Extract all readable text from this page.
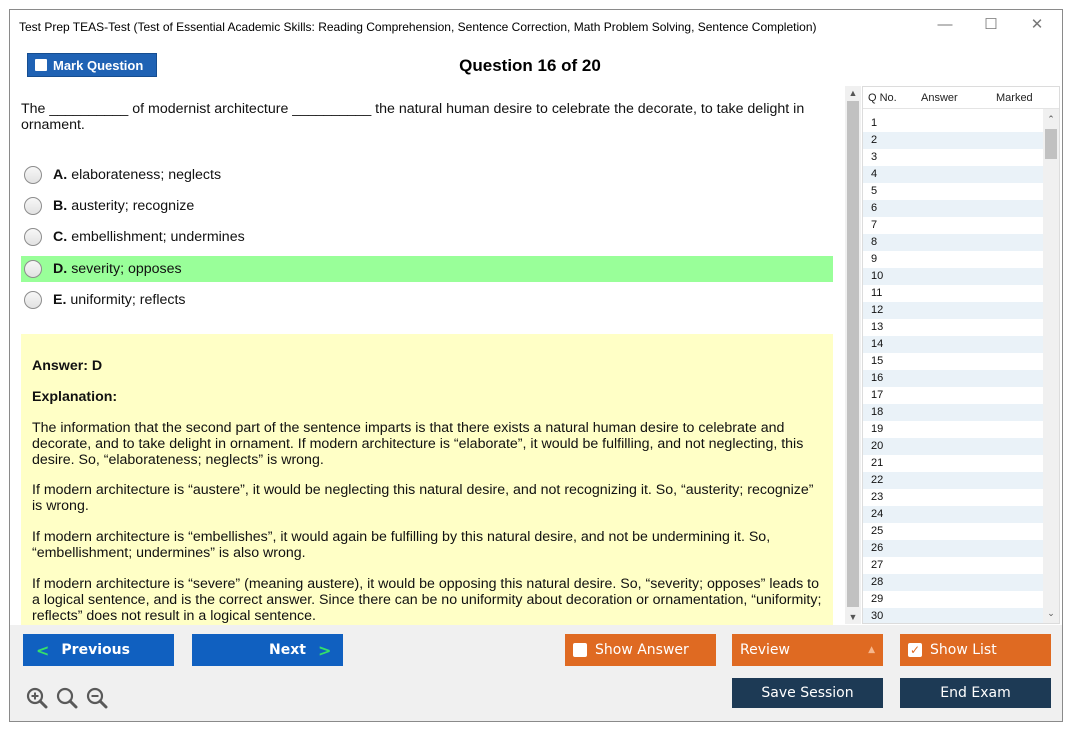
Test Prep TEAS-Test (Test of Essential Academic Skills: Reading Comprehension, Sentence Correction, Math Problem Solving, Sentence Completion)	—	☐	✕
Mark Question	Question 16 of 20
The __________ of modernist architecture __________ the natural human desire to celebrate the decorate, to take delight in ornament.
A. elaborateness; neglects
B. austerity; recognize
C. embellishment; undermines
D. severity; opposes
E. uniformity; reflects
Answer: D
Explanation:
The information that the second part of the sentence imparts is that there exists a natural human desire to celebrate and decorate, and to take delight in ornament. If modern architecture is “elaborate”, it would be fulfilling, and not neglecting, this desire. So, “elaborateness; neglects” is wrong.
If modern architecture is “austere”, it would be neglecting this natural desire, and not recognizing it. So, “austerity; recognize” is wrong.
If modern architecture is “embellishes”, it would again be fulfilling by this natural desire, and not be undermining it. So, “embellishment; undermines” is also wrong.
If modern architecture is “severe” (meaning austere), it would be opposing this natural desire. So, “severity; opposes” leads to a logical sentence, and is the correct answer. Since there can be no uniformity about decoration or ornamentation, “uniformity; reflects” does not result in a logical sentence.
▲
▼
Q No. Answer	Marked
1
2
3
4
5
6
7
8
9
10
11
12
13
14
15
16
17
18
19
20
21
22
23
24
25
26
27
28
29
30
⌃
⌄
< Previous	Next >	Show Answer	Review	▲	✓ Show List
Save Session	End Exam
